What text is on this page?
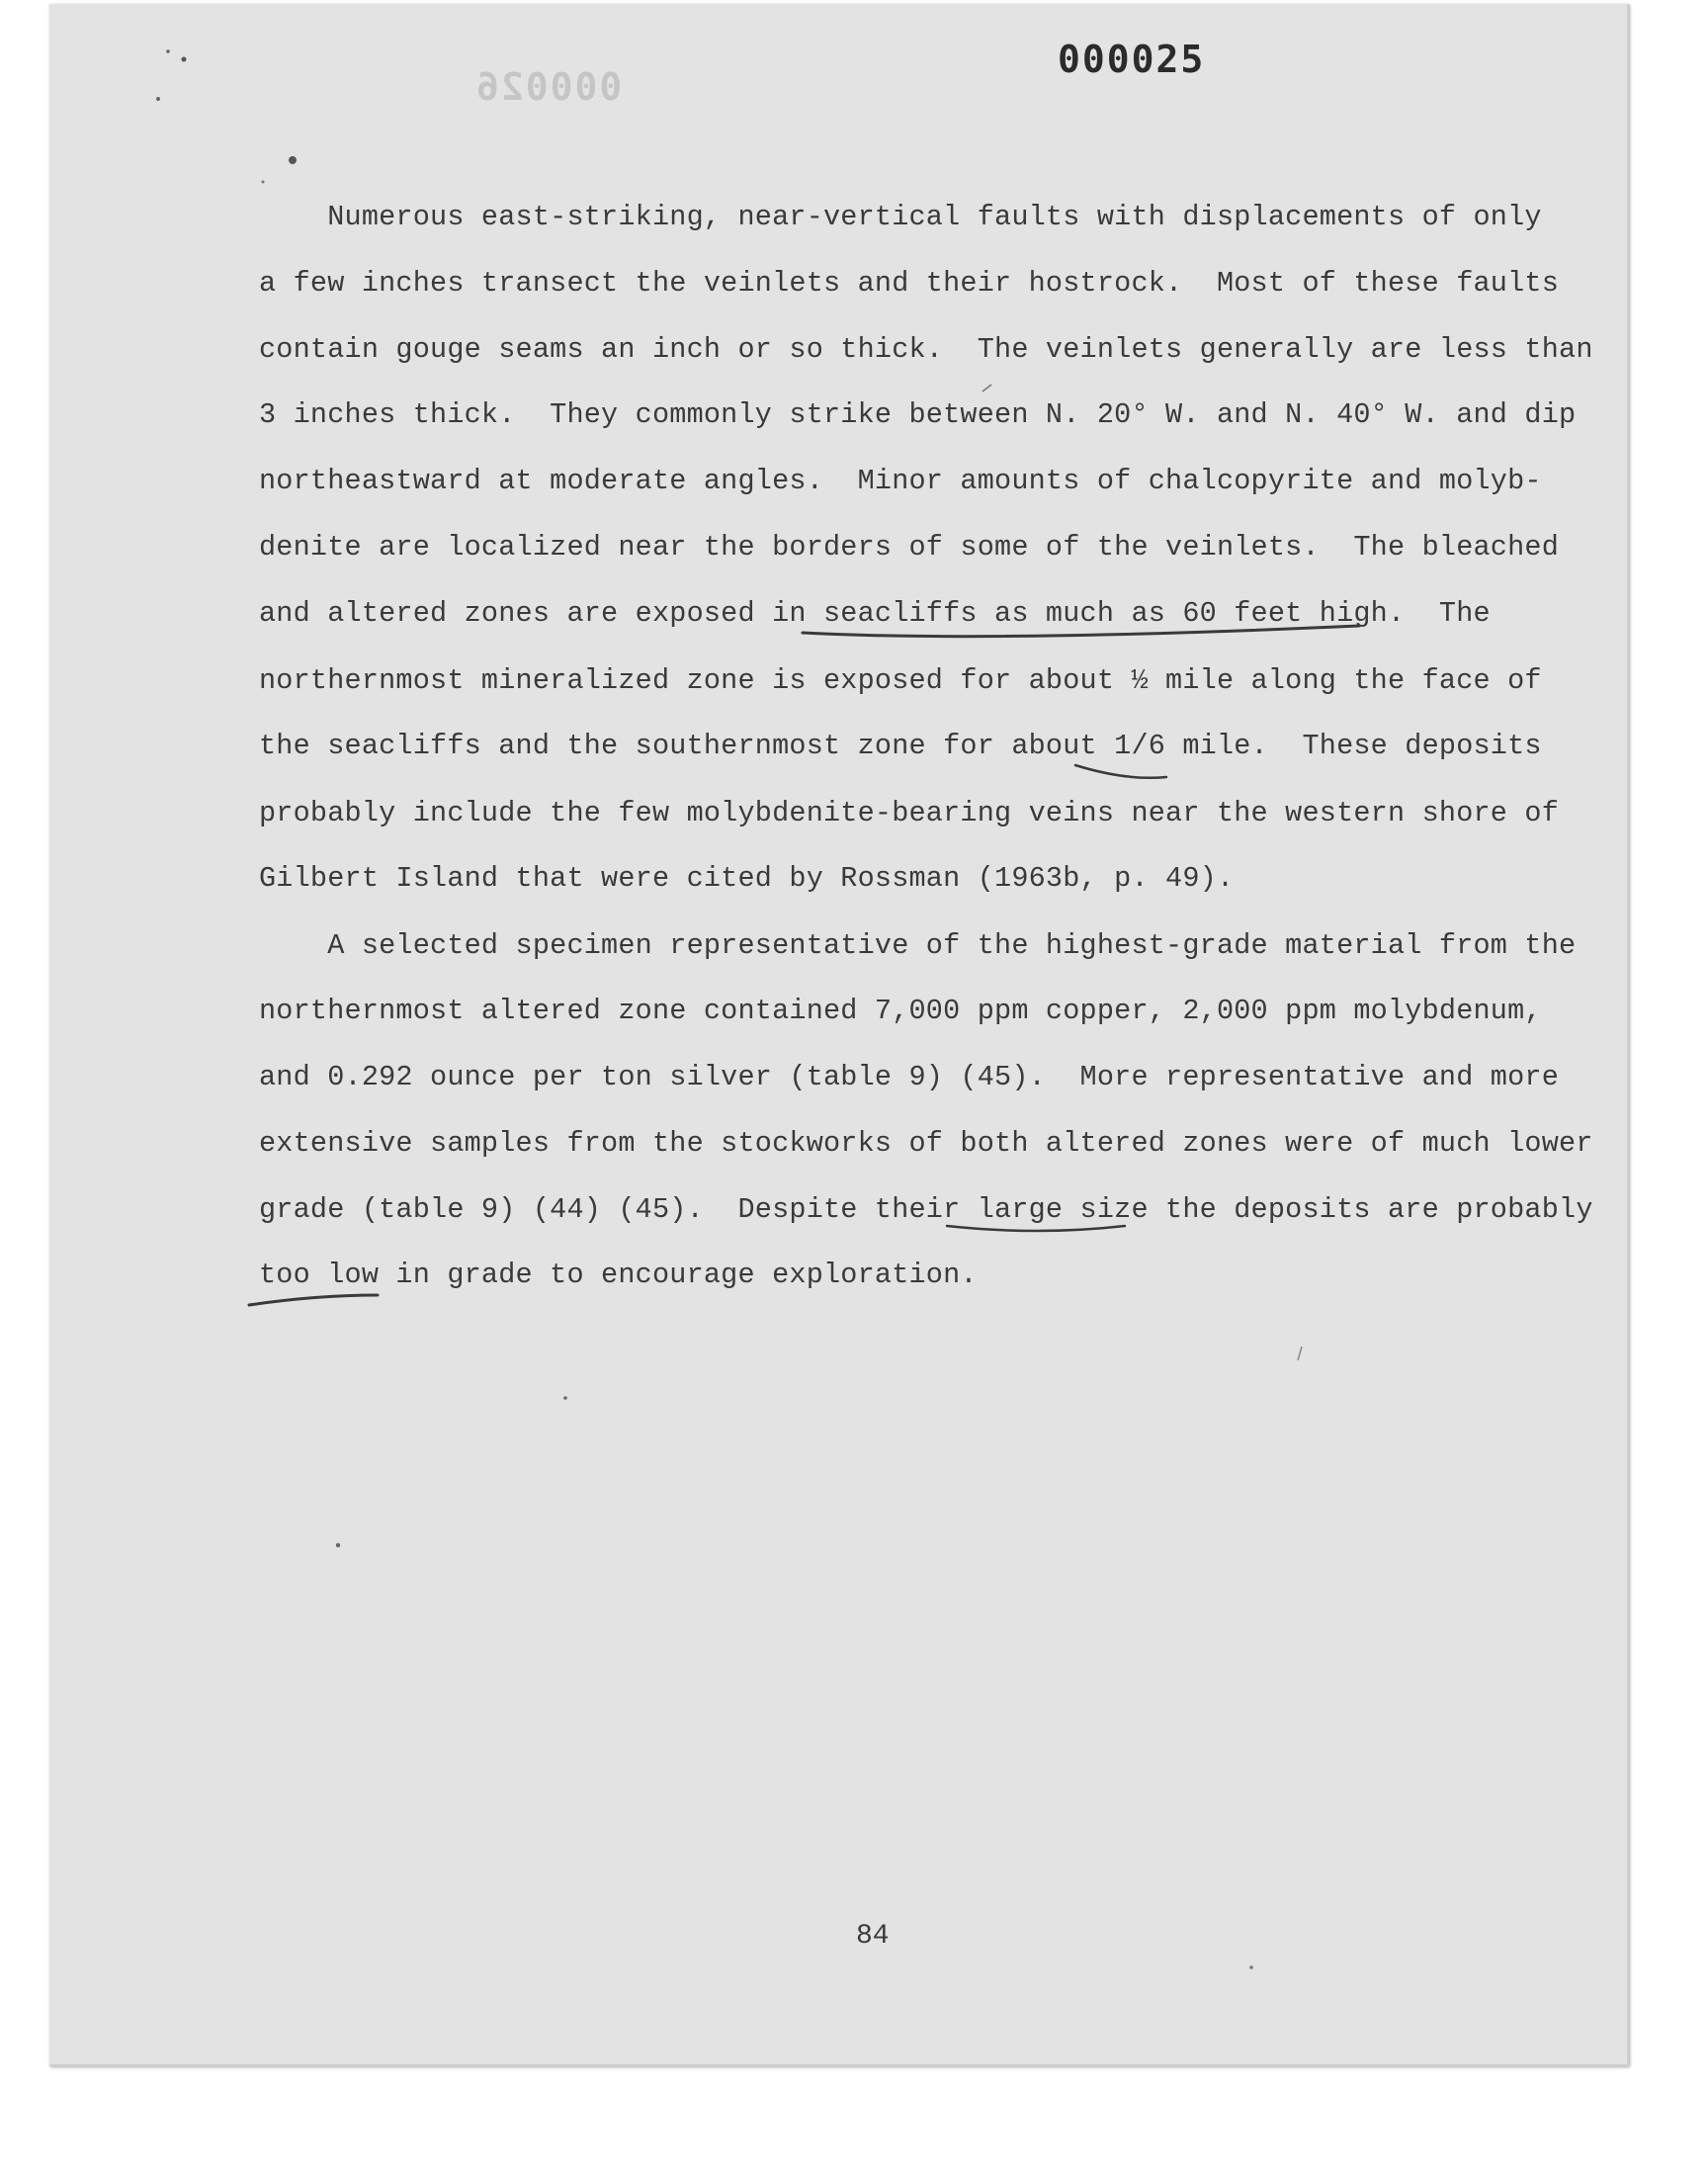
000026
000025
Numerous east-striking, near-vertical faults with displacements of only
a few inches transect the veinlets and their hostrock.  Most of these faults
contain gouge seams an inch or so thick.  The veinlets generally are less than
3 inches thick.  They commonly strike between N. 20° W. and N. 40° W. and dip
northeastward at moderate angles.  Minor amounts of chalcopyrite and molyb-
denite are localized near the borders of some of the veinlets.  The bleached
and altered zones are exposed in seacliffs as much as 60 feet high.  The
northernmost mineralized zone is exposed for about ½ mile along the face of
the seacliffs and the southernmost zone for about 1/6 mile.  These deposits
probably include the few molybdenite-bearing veins near the western shore of
Gilbert Island that were cited by Rossman (1963b, p. 49).
A selected specimen representative of the highest-grade material from the
northernmost altered zone contained 7,000 ppm copper, 2,000 ppm molybdenum,
and 0.292 ounce per ton silver (table 9) (45).  More representative and more
extensive samples from the stockworks of both altered zones were of much lower
grade (table 9) (44) (45).  Despite their large size the deposits are probably
too low in grade to encourage exploration.
84
